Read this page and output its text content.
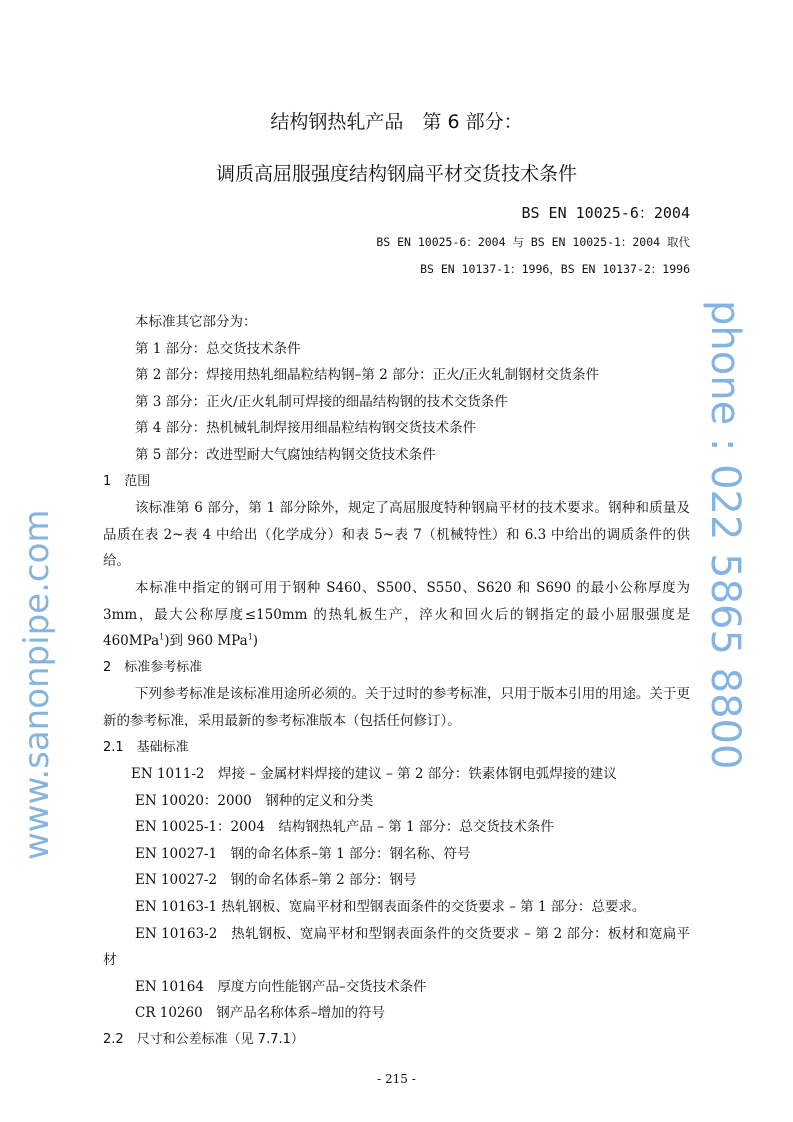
结构钢热轧产品　第 6 部分：
调质高屈服强度结构钢扁平材交货技术条件
BS EN 10025-6：2004
BS EN 10025-6：2004 与 BS EN 10025-1：2004 取代
BS EN 10137-1：1996，BS EN 10137-2：1996
本标准其它部分为：
第 1 部分：总交货技术条件
第 2 部分：焊接用热轧细晶粒结构钢–第 2 部分：正火/正火轧制钢材交货条件
第 3 部分：正火/正火轧制可焊接的细晶结构钢的技术交货条件
第 4 部分：热机械轧制焊接用细晶粒结构钢交货技术条件
第 5 部分：改进型耐大气腐蚀结构钢交货技术条件
1　范围
该标准第 6 部分，第 1 部分除外，规定了高屈服度特种钢扁平材的技术要求。钢种和质量及品质在表 2~表 4 中给出（化学成分）和表 5~表 7（机械特性）和 6.3 中给出的调质条件的供给。
本标准中指定的钢可用于钢种 S460、S500、S550、S620 和 S690 的最小公称厚度为 3mm，最大公称厚度≤150mm 的热轧板生产，淬火和回火后的钢指定的最小屈服强度是 460MPa$^1$)到 960 MPa$^1$)
2　标准参考标准
下列参考标准是该标准用途所必须的。关于过时的参考标准，只用于版本引用的用途。关于更新的参考标准，采用最新的参考标准版本（包括任何修订）。
2.1　基础标准
EN 1011-2　焊接 – 金属材料焊接的建议 – 第 2 部分：铁素体钢电弧焊接的建议
EN 10020：2000　钢种的定义和分类
EN 10025-1：2004　结构钢热轧产品 – 第 1 部分：总交货技术条件
EN 10027-1　钢的命名体系–第 1 部分：钢名称、符号
EN 10027-2　钢的命名体系–第 2 部分：钢号
EN 10163-1 热轧钢板、宽扁平材和型钢表面条件的交货要求 – 第 1 部分：总要求。
EN 10163-2　热轧钢板、宽扁平材和型钢表面条件的交货要求 – 第 2 部分：板材和宽扁平材
EN 10164　厚度方向性能钢产品–交货技术条件
CR 10260　钢产品名称体系–增加的符号
2.2　尺寸和公差标准（见 7.7.1）
- 215 -
phone : 022 5865 8800
www.sanonpipe.com
